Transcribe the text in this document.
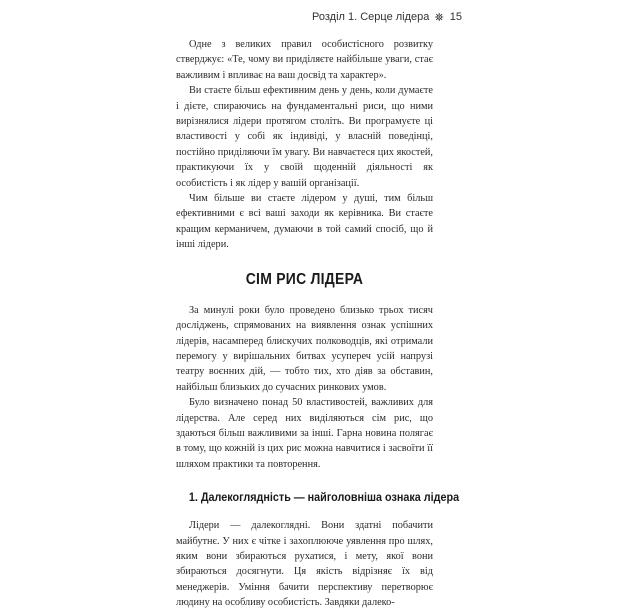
Розділ 1. Серце лідера 15

Одне з великих правил особистісного розвитку стверджує: «Те, чому ви приділяєте найбільше уваги, стає важливим і впливає на ваш досвід та характер».

Ви стаєте більш ефективним день у день, коли думаєте і дієте, спираючись на фундаментальні риси, що ними вирізнялися лідери протягом століть. Ви програмуєте ці властивості у собі як індивіді, у власній поведінці, постійно приділяючи їм увагу. Ви навчаєтеся цих якостей, практикуючи їх у своїй щоденній діяльності як особистість і як лідер у вашій організації.

Чим більше ви стаєте лідером у душі, тим більш ефективними є всі ваші заходи як керівника. Ви стаєте кращим керманичем, думаючи в той самий спосіб, що й інші лідери.

СІМ РИС ЛІДЕРА

За минулі роки було проведено близько трьох тисяч досліджень, спрямованих на виявлення ознак успішних лідерів, насамперед блискучих полководців, які отримали перемогу у вирішальних битвах усупереч усій напрузі театру воєнних дій, — тобто тих, хто діяв за обставин, найбільш близьких до сучасних ринкових умов.

Було визначено понад 50 властивостей, важливих для лідерства. Але серед них виділяються сім рис, що здаються більш важливими за інші. Гарна новина полягає в тому, що кожній із цих рис можна навчитися і засвоїти її шляхом практики та повторення.

1. Далекоглядність — найголовніша ознака лідера

Лідери — далекоглядні. Вони здатні побачити майбутнє. У них є чітке і захоплююче уявлення про шлях, яким вони збираються рухатися, і мету, якої вони збираються досягнути. Ця якість відрізняє їх від менеджерів. Уміння бачити перспективу перетворює людину на особливу особистість. Завдяки далеко-
